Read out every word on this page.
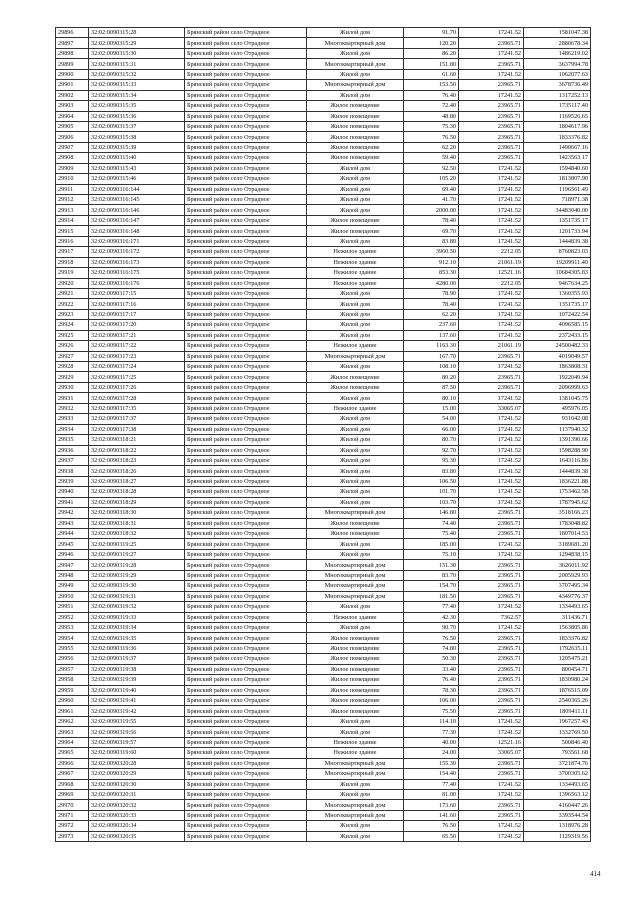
29896	32:02:0090315:28	Брянский район село Отрадное	Жилой дом	91.70	17241.52	1581047.38
29897	32:02:0090315:29	Брянский район село Отрадное	Многоквартирный дом	120.20	23965.71	2880678.34
29898	32:02:0090315:30	Брянский район село Отрадное	Жилой дом	86.20	17241.52	1486219.02
29899	32:02:0090315:31	Брянский район село Отрадное	Многоквартирный дом	151.80	23965.71	3637994.78
29900	32:02:0090315:32	Брянский район село Отрадное	Жилой дом	61.60	17241.52	1062077.63
29901	32:02:0090315:33	Брянский район село Отрадное	Многоквартирный дом	153.50	23965.71	3678736.49
29902	32:02:0090315:34	Брянский район село Отрадное	Жилой дом	76.40	17241.52	1317252.13
29903	32:02:0090315:35	Брянский район село Отрадное	Жилое помещение	72.40	23965.71	1735117.40
29904	32:02:0090315:36	Брянский район село Отрадное	Жилое помещение	48.80	23965.71	1169526.65
29905	32:02:0090315:37	Брянский район село Отрадное	Жилое помещение	75.30	23965.71	1804617.96
29906	32:02:0090315:38	Брянский район село Отрадное	Жилое помещение	76.50	23965.71	1833376.82
29907	32:02:0090315:39	Брянский район село Отрадное	Жилое помещение	62.20	23965.71	1490667.16
29908	32:02:0090315:40	Брянский район село Отрадное	Жилое помещение	59.40	23965.71	1423563.17
29909	32:02:0090315:43	Брянский район село Отрадное	Жилой дом	92.50	17241.52	1594840.60
29910	32:02:0090315:46	Брянский район село Отрадное	Жилой дом	105.20	17241.52	1813807.90
29911	32:02:0090316:144	Брянский район село Отрадное	Жилой дом	69.40	17241.52	1196561.49
29912	32:02:0090316:145	Брянский район село Отрадное	Жилой дом	41.70	17241.52	718971.38
29913	32:02:0090316:146	Брянский район село Отрадное	Жилой дом	2000.00	17241.52	34483040.00
29914	32:02:0090316:147	Брянский район село Отрадное	Жилое помещение	78.40	17241.52	1351735.17
29915	32:02:0090316:148	Брянский район село Отрадное	Жилое помещение	69.70	17241.52	1201733.94
29916	32:02:0090316:171	Брянский район село Отрадное	Жилой дом	83.80	17241.52	1444839.38
29917	32:02:0090316:172	Брянский район село Отрадное	Нежилое здание	3960.50	2212.05	8760823.03
29918	32:02:0090316:173	Брянский район село Отрадное	Нежилое здание	912.10	21061.19	19209911.40
29919	32:02:0090316:175	Брянский район село Отрадное	Нежилое здание	853.30	12521.16	10684305.83
29920	32:02:0090316:176	Брянский район село Отрадное	Нежилое здание	4280.00	2212.05	9467634.25
29921	32:02:0090317:15	Брянский район село Отрадное	Жилой дом	78.90	17241.52	1360355.93
29922	32:02:0090317:16	Брянский район село Отрадное	Жилой дом	78.40	17241.52	1351735.17
29923	32:02:0090317:17	Брянский район село Отрадное	Жилой дом	62.20	17241.52	1072422.54
29924	32:02:0090317:20	Брянский район село Отрадное	Жилой дом	237.60	17241.52	4096585.15
29925	32:02:0090317:21	Брянский район село Отрадное	Жилой дом	137.60	17241.52	2372433.15
29926	32:02:0090317:22	Брянский район село Отрадное	Нежилое здание	1163.30	21061.19	24500482.33
29927	32:02:0090317:23	Брянский район село Отрадное	Многоквартирный дом	167.70	23965.71	4019049.57
29928	32:02:0090317:24	Брянский район село Отрадное	Жилой дом	108.10	17241.52	1863808.31
29929	32:02:0090317:25	Брянский район село Отрадное	Жилое помещение	80.20	23965.71	1922049.94
29930	32:02:0090317:26	Брянский район село Отрадное	Жилое помещение	87.50	23965.71	2096999.63
29931	32:02:0090317:28	Брянский район село Отрадное	Жилой дом	80.10	17241.52	1381045.75
29932	32:02:0090317:35	Брянский район село Отрадное	Нежилое здание	15.00	33065.07	495976.05
29933	32:02:0090317:37	Брянский район село Отрадное	Жилой дом	54.00	17241.52	931042.08
29934	32:02:0090317:38	Брянский район село Отрадное	Жилой дом	66.00	17241.52	1137940.32
29935	32:02:0090318:21	Брянский район село Отрадное	Жилой дом	80.70	17241.52	1391390.66
29936	32:02:0090318:22	Брянский район село Отрадное	Жилой дом	92.70	17241.52	1598288.90
29937	32:02:0090318:23	Брянский район село Отрадное	Жилой дом	95.30	17241.52	1643116.86
29938	32:02:0090318:26	Брянский район село Отрадное	Жилой дом	83.80	17241.52	1444839.38
29939	32:02:0090318:27	Брянский район село Отрадное	Жилой дом	106.50	17241.52	1836221.88
29940	32:02:0090318:28	Брянский район село Отрадное	Жилой дом	101.70	17241.52	1753462.58
29941	32:02:0090318:29	Брянский район село Отрадное	Жилой дом	103.70	17241.52	1787945.62
29942	32:02:0090318:30	Брянский район село Отрадное	Многоквартирный дом	146.80	23965.71	3518166.23
29943	32:02:0090318:31	Брянский район село Отрадное	Жилое помещение	74.40	23965.71	1783048.82
29944	32:02:0090318:32	Брянский район село Отрадное	Жилое помещение	75.40	23965.71	1807014.53
29945	32:02:0090319:25	Брянский район село Отрадное	Жилой дом	185.00	17241.52	3189681.20
29946	32:02:0090319:27	Брянский район село Отрадное	Жилой дом	75.10	17241.52	1294838.15
29947	32:02:0090319:28	Брянский район село Отрадное	Многоквартирный дом	151.30	23965.71	3626011.92
29948	32:02:0090319:29	Брянский район село Отрадное	Многоквартирный дом	83.70	23965.71	2005929.93
29949	32:02:0090319:30	Брянский район село Отрадное	Многоквартирный дом	154.70	23965.71	3707495.34
29950	32:02:0090319:31	Брянский район село Отрадное	Многоквартирный дом	181.50	23965.71	4349776.37
29951	32:02:0090319:32	Брянский район село Отрадное	Жилой дом	77.40	17241.52	1334493.65
29952	32:02:0090319:33	Брянский район село Отрадное	Нежилое здание	42.30	7362.57	311436.71
29953	32:02:0090319:34	Брянский район село Отрадное	Жилой дом	90.70	17241.52	1563805.86
29954	32:02:0090319:35	Брянский район село Отрадное	Жилое помещение	76.50	23965.71	1833376.82
29955	32:02:0090319:36	Брянский район село Отрадное	Жилое помещение	74.80	23965.71	1792635.11
29956	32:02:0090319:37	Брянский район село Отрадное	Жилое помещение	50.30	23965.71	1205475.21
29957	32:02:0090319:38	Брянский район село Отрадное	Жилое помещение	33.40	23965.71	800454.71
29958	32:02:0090319:39	Брянский район село Отрадное	Жилое помещение	76.40	23965.71	1830980.24
29959	32:02:0090319:40	Брянский район село Отрадное	Жилое помещение	78.30	23965.71	1876515.09
29960	32:02:0090319:41	Брянский район село Отрадное	Жилое помещение	106.00	23965.71	2540365.26
29961	32:02:0090319:42	Брянский район село Отрадное	Жилое помещение	75.50	23965.71	1809411.11
29962	32:02:0090319:55	Брянский район село Отрадное	Жилой дом	114.10	17241.52	1967257.43
29963	32:02:0090319:56	Брянский район село Отрадное	Жилой дом	77.30	17241.52	1332769.50
29964	32:02:0090319:57	Брянский район село Отрадное	Нежилое здание	40.00	12521.16	500846.40
29965	32:02:0090319:60	Брянский район село Отрадное	Нежилое здание	24.00	33065.07	793561.68
29966	32:02:0090320:28	Брянский район село Отрадное	Многоквартирный дом	155.30	23965.71	3721874.76
29967	32:02:0090320:29	Брянский район село Отрадное	Многоквартирный дом	154.40	23965.71	3700305.62
29968	32:02:0090320:30	Брянский район село Отрадное	Жилой дом	77.40	17241.52	1334493.65
29969	32:02:0090320:31	Брянский район село Отрадное	Жилой дом	81.00	17241.52	1396563.12
29970	32:02:0090320:32	Брянский район село Отрадное	Многоквартирный дом	173.60	23965.71	4160447.26
29971	32:02:0090320:33	Брянский район село Отрадное	Многоквартирный дом	141.60	23965.71	3393544.54
29972	32:02:0090320:34	Брянский район село Отрадное	Жилой дом	76.50	17241.52	1318976.28
29973	32:02:0090320:35	Брянский район село Отрадное	Жилой дом	65.50	17241.52	1129319.56
414
